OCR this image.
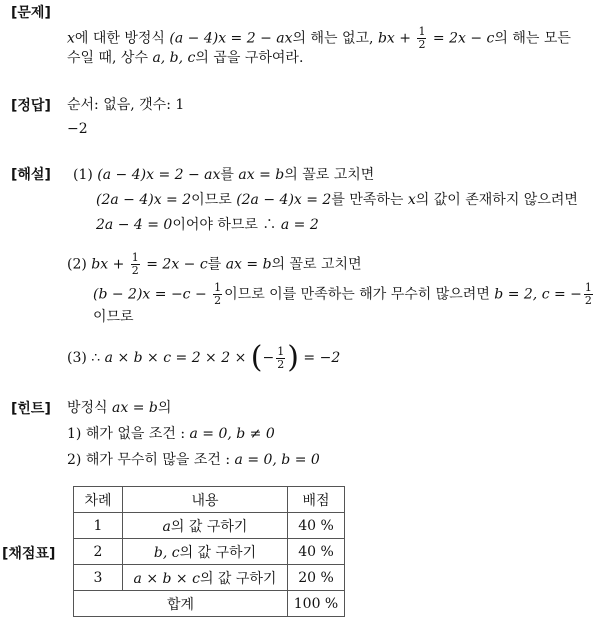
[문제]
x에 대한 방정식 (a − 4)x = 2 − ax의 해는 없고, bx + $\frac{1}{2} = 2x - c$의 해는 모든
수일 때, 상수 a, b, c의 곱을 구하여라.
[정답] 순서: 없음, 갯수: 1
−2
[해설] (1) (a − 4)x = 2 − ax를 ax = b의 꼴로 고치면
(2a − 4)x = 2이므로 (2a − 4)x = 2를 만족하는 x의 값이 존재하지 않으려면
2a − 4 = 0이어야 하므로 ∴ a = 2
(2) bx + $\frac{1}{2} = 2x - c$를 ax = b의 꼴로 고치면
$(b - 2)x = -c - \frac{1}{2}$ 이므로 이를 만족하는 해가 무수히 많으려면 b = 2, c = − $\frac{1}{2}$
이므로
(3) ∴ a × b × c = 2 × 2 × (− $\frac{1}{2}$ ) = −2
[힌트] 방정식 ax = b의
1) 해가 없을 조건 : a = 0, b ≠ 0
2) 해가 무수히 많을 조건 : a = 0, b = 0
[채점표]
차례	내용	배점
1	a의 값 구하기	40 %
2	b, c의 값 구하기	40 %
3	a × b × c의 값 구하기	20 %
합계		100 %
